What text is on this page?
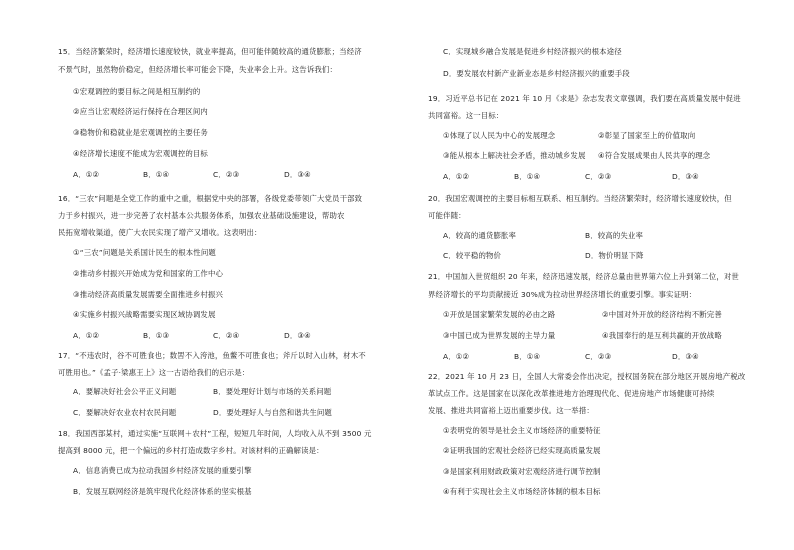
15．当经济繁荣时，经济增长速度较快，就业率提高，但可能伴随较高的通货膨胀；当经济
不景气时，虽然物价稳定，但经济增长率可能会下降，失业率会上升。这告诉我们：
①宏观调控的要目标之间是相互制约的
②应当让宏观经济运行保持在合理区间内
③稳物价和稳就业是宏观调控的主要任务
④经济增长速度不能成为宏观调控的目标
A．①②	B．①④	C．②③	D．③④
16．“三农”问题是全党工作的重中之重，根据党中央的部署，各级党委带领广大党员干部致
力于乡村振兴，进一步完善了农村基本公共服务体系，加强农业基础设施建设，帮助农
民拓宽增收渠道，使广大农民实现了增产又增收。这表明出：
①“三农”问题是关系国计民生的根本性问题
②推动乡村振兴开始成为党和国家的工作中心
③推动经济高质量发展需要全面推进乡村振兴
④实施乡村振兴战略需要实现区域协调发展
A．①②	B．①③	C．②④	D．③④
17．“不违农时，谷不可胜食也；数罟不入洿池，鱼鳖不可胜食也；斧斤以时入山林，材木不
可胜用也。”《孟子·梁惠王上》这一古语给我们的启示是：
A．要解决好社会公平正义问题	B．要处理好计划与市场的关系问题
C．要解决好农业农村农民问题	D．要处理好人与自然和谐共生问题
18．我国西部某村，通过实施“互联网＋农村”工程，短短几年时间，人均收入从不到 3500 元
提高到 8000 元，把一个偏远的乡村打造成数字乡村。对该材料的正确解读是：
A．信息消费已成为拉动我国乡村经济发展的重要引擎
B．发展互联网经济是筑牢现代化经济体系的坚实根基
C．实现城乡融合发展是促进乡村经济振兴的根本途径
D．要发展农村新产业新业态是乡村经济振兴的重要手段
19．习近平总书记在 2021 年 10 月《求是》杂志发表文章强调，我们要在高质量发展中促进
共同富裕。这一目标：
①体现了以人民为中心的发展理念	②彰显了国家至上的价值取向
③能从根本上解决社会矛盾，推动城乡发展 ④符合发展成果由人民共享的理念
A．①②	B．①④	C．②③	D．③④
20．我国宏观调控的主要目标相互联系、相互制约。当经济繁荣时，经济增长速度较快，但
可能伴随：
A．较高的通货膨胀率	B．较高的失业率
C．较平稳的物价	D．物价明显下降
21．中国加入世贸组织 20 年来，经济迅速发展，经济总量由世界第六位上升到第二位，对世
界经济增长的平均贡献接近 30%成为拉动世界经济增长的重要引擎。事实证明：
①开放是国家繁荣发展的必由之路	②中国对外开放的经济结构不断完善
③中国已成为世界发展的主导力量	④我国奉行的是互利共赢的开放战略
A．①②	B．①④	C．②③	D．③④
22．2021 年 10 月 23 日，全国人大常委会作出决定，授权国务院在部分地区开展房地产税改
革试点工作。这是国家在以深化改革推进地方治理现代化、促进房地产市场健康可持续
发展、推进共同富裕上迈出重要步伐。这一举措：
①表明党的领导是社会主义市场经济的重要特征
②证明我国的宏观社会经济已经实现高质量发展
③是国家利用财政政策对宏观经济进行调节控制
④有利于实现社会主义市场经济体制的根本目标
